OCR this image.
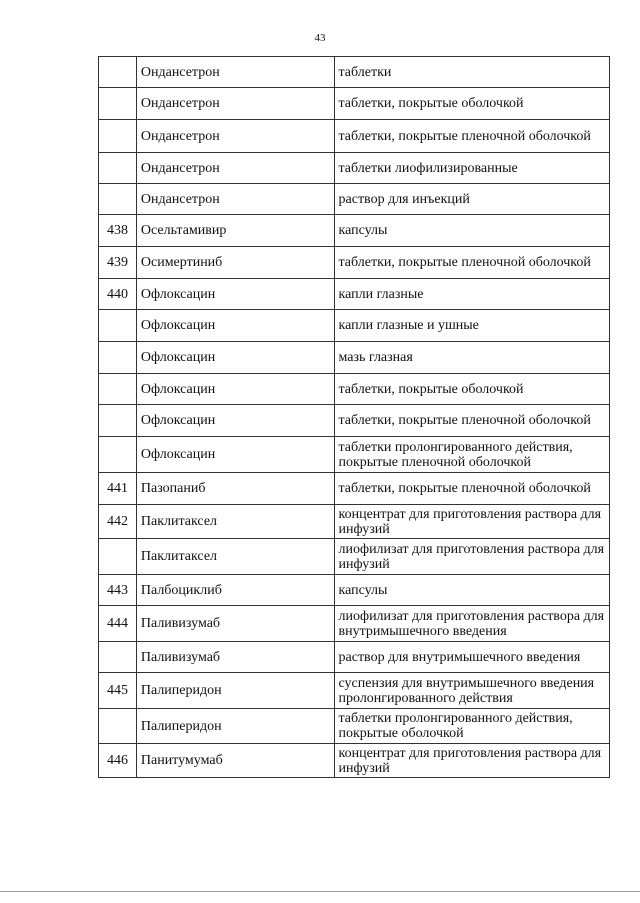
43
	Ондансетрон	таблетки
	Ондансетрон	таблетки, покрытые оболочкой
	Ондансетрон	таблетки, покрытые пленочной оболочкой
	Ондансетрон	таблетки лиофилизированные
	Ондансетрон	раствор для инъекций
438	Осельтамивир	капсулы
439	Осимертиниб	таблетки, покрытые пленочной оболочкой
440	Офлоксацин	капли глазные
	Офлоксацин	капли глазные и ушные
	Офлоксацин	мазь глазная
	Офлоксацин	таблетки, покрытые оболочкой
	Офлоксацин	таблетки, покрытые пленочной оболочкой
	Офлоксацин	таблетки пролонгированного действия, покрытые пленочной оболочкой
441	Пазопаниб	таблетки, покрытые пленочной оболочкой
442	Паклитаксел	концентрат для приготовления раствора для инфузий
	Паклитаксел	лиофилизат для приготовления раствора для инфузий
443	Палбоциклиб	капсулы
444	Паливизумаб	лиофилизат для приготовления раствора для внутримышечного введения
	Паливизумаб	раствор для внутримышечного введения
445	Палиперидон	суспензия для внутримышечного введения пролонгированного действия
	Палиперидон	таблетки пролонгированного действия, покрытые оболочкой
446	Панитумумаб	концентрат для приготовления раствора для инфузий
